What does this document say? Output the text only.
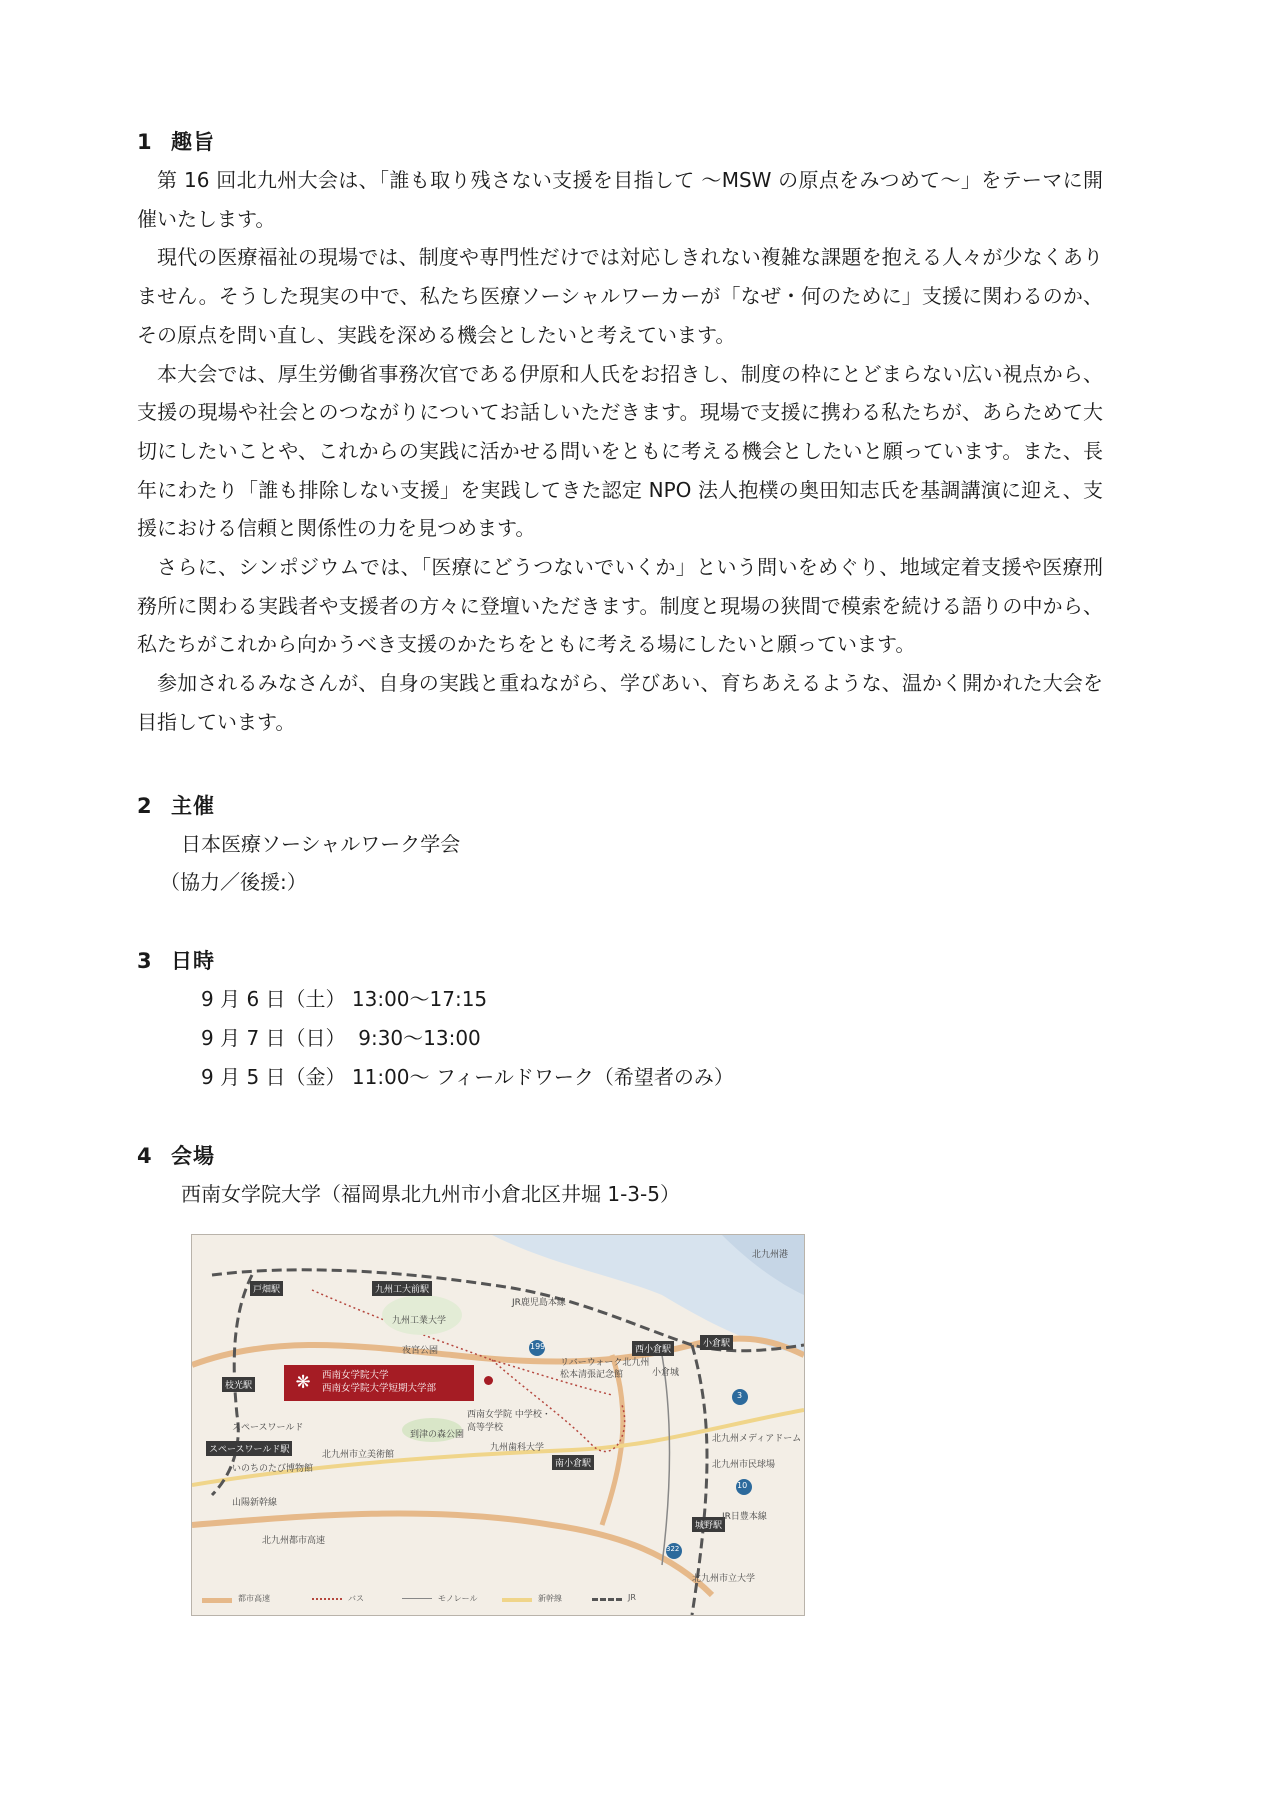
1 趣旨

第 16 回北九州大会は、「誰も取り残さない支援を目指して ～MSW の原点をみつめて～」をテーマに開催いたします。

現代の医療福祉の現場では、制度や専門性だけでは対応しきれない複雑な課題を抱える人々が少なくありません。そうした現実の中で、私たち医療ソーシャルワーカーが「なぜ・何のために」支援に関わるのか、その原点を問い直し、実践を深める機会としたいと考えています。

本大会では、厚生労働省事務次官である伊原和人氏をお招きし、制度の枠にとどまらない広い視点から、支援の現場や社会とのつながりについてお話しいただきます。現場で支援に携わる私たちが、あらためて大切にしたいことや、これからの実践に活かせる問いをともに考える機会としたいと願っています。また、長年にわたり「誰も排除しない支援」を実践してきた認定 NPO 法人抱樸の奥田知志氏を基調講演に迎え、支援における信頼と関係性の力を見つめます。

さらに、シンポジウムでは、「医療にどうつないでいくか」という問いをめぐり、地域定着支援や医療刑務所に関わる実践者や支援者の方々に登壇いただきます。制度と現場の狭間で模索を続ける語りの中から、私たちがこれから向かうべき支援のかたちをともに考える場にしたいと願っています。

参加されるみなさんが、自身の実践と重ねながら、学びあい、育ちあえるような、温かく開かれた大会を目指しています。

2 主催
日本医療ソーシャルワーク学会
（協力／後援:）
3 日時
9 月 6 日（土） 13:00～17:15
9 月 7 日（日）  9:30～13:00
9 月 5 日（金） 11:00～ フィールドワーク（希望者のみ）
4 会場
西南女学院大学（福岡県北九州市小倉北区井堀 1-3-5）
北九州港
戸畑駅	九州工大前駅
九州工業大学
夜宮公園
リバーウォーク北九州
松本清張記念館	小倉城
西小倉駅
小倉駅
枝光駅
スペースワールド
スペースワールド駅
いのちのたび博物館
北九州市立美術館
到津の森公園
西南女学院 中学校・高等学校
九州歯科大学
南小倉駅
北九州メディアドーム
北九州市民球場
城野駅
北九州市立大学
北九州都市高速
山陽新幹線
JR鹿児島本線
JR日豊本線
199
3
10
322
❋	西南女学院大学
西南女学院大学短期大学部
都市高速	バス	モノレール	新幹線	JR
